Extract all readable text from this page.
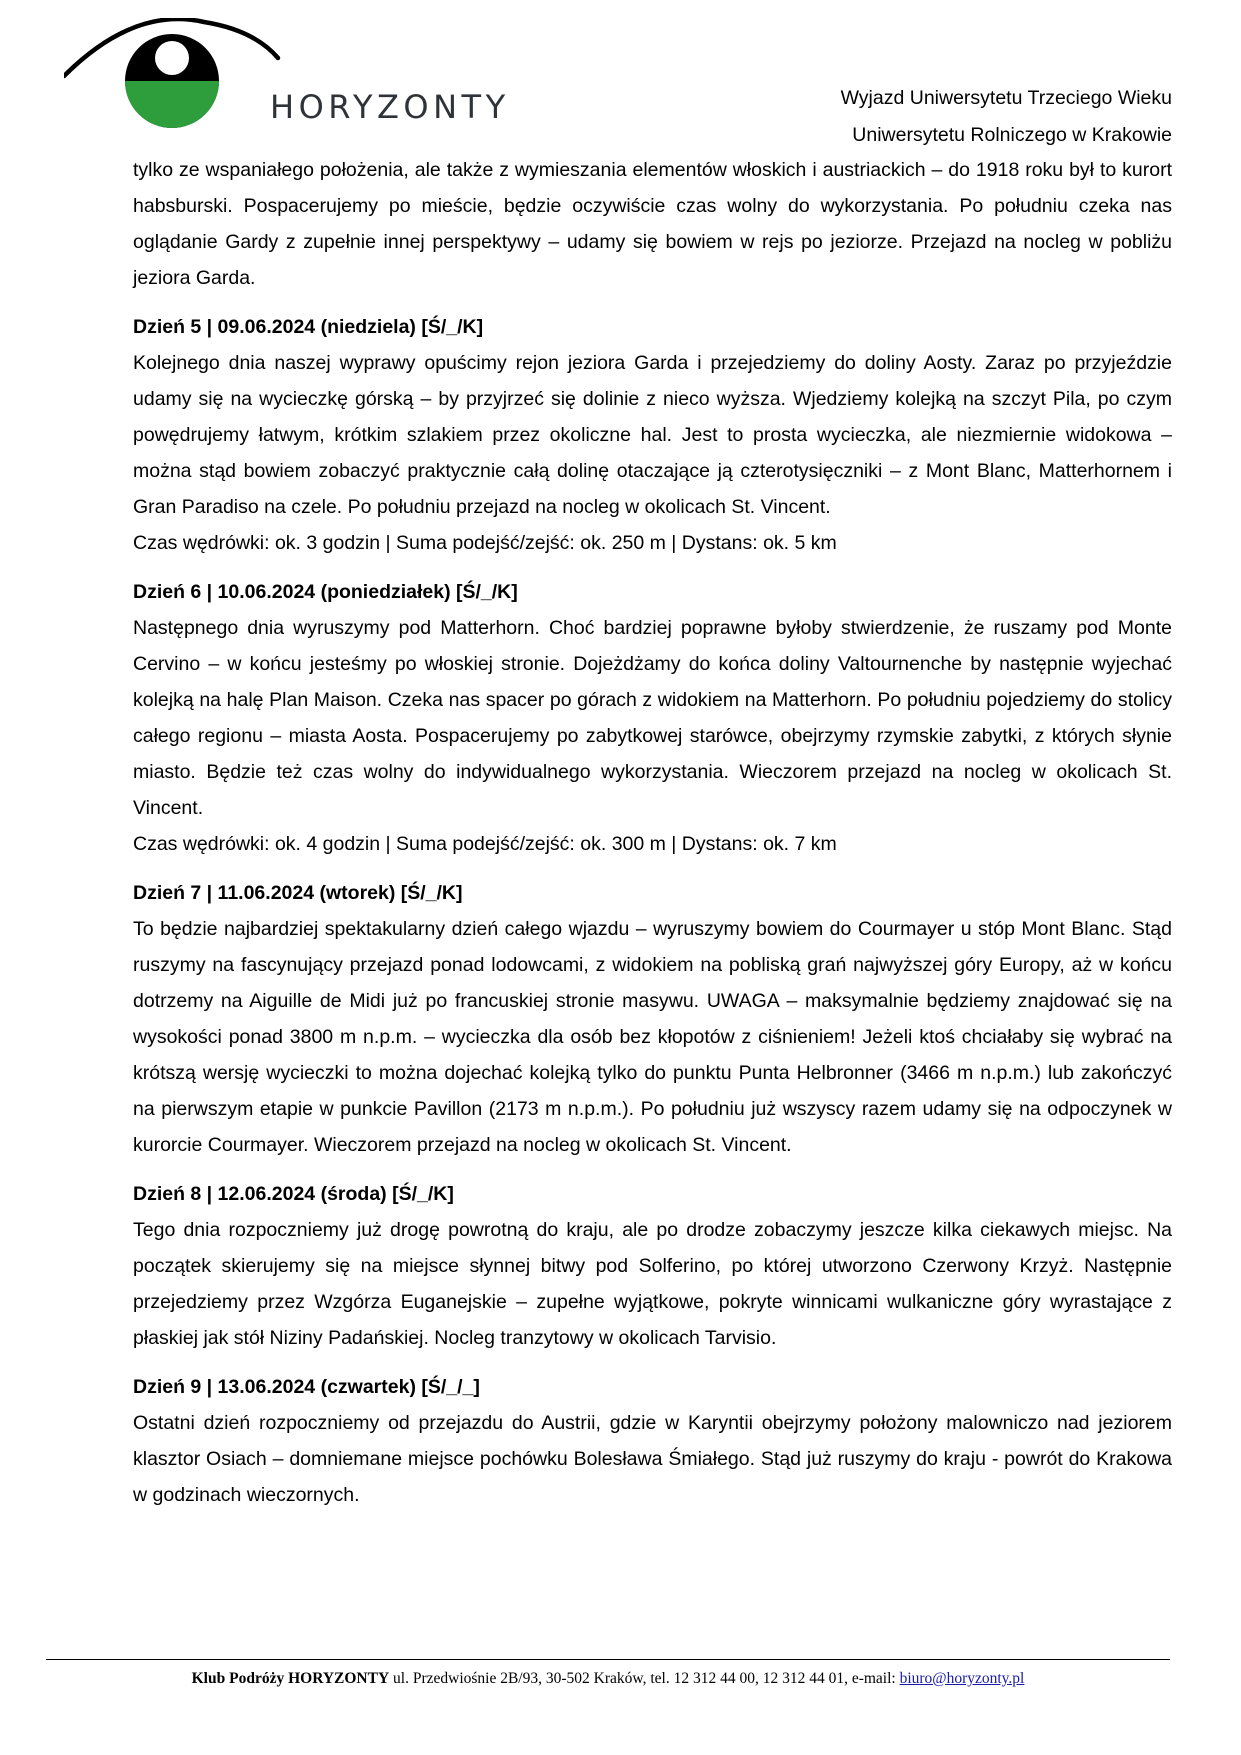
HORYZONTY	Wyjazd Uniwersytetu Trzeciego Wieku
Uniwersytetu Rolniczego w Krakowie

tylko ze wspaniałego położenia, ale także z wymieszania elementów włoskich i austriackich – do 1918 roku był to kurort habsburski. Pospacerujemy po mieście, będzie oczywiście czas wolny do wykorzystania. Po południu czeka nas oglądanie Gardy z zupełnie innej perspektywy – udamy się bowiem w rejs po jeziorze. Przejazd na nocleg w pobliżu jeziora Garda.

Dzień 5 | 09.06.2024 (niedziela) [Ś/_/K]

Kolejnego dnia naszej wyprawy opuścimy rejon jeziora Garda i przejedziemy do doliny Aosty. Zaraz po przyjeździe udamy się na wycieczkę górską – by przyjrzeć się dolinie z nieco wyższa. Wjedziemy kolejką na szczyt Pila, po czym powędrujemy łatwym, krótkim szlakiem przez okoliczne hal. Jest to prosta wycieczka, ale niezmiernie widokowa – można stąd bowiem zobaczyć praktycznie całą dolinę otaczające ją czterotysięczniki – z Mont Blanc, Matterhornem i Gran Paradiso na czele. Po południu przejazd na nocleg w okolicach St. Vincent.

Czas wędrówki: ok. 3 godzin | Suma podejść/zejść: ok. 250 m | Dystans: ok. 5 km

Dzień 6 | 10.06.2024 (poniedziałek) [Ś/_/K]

Następnego dnia wyruszymy pod Matterhorn. Choć bardziej poprawne byłoby stwierdzenie, że ruszamy pod Monte Cervino – w końcu jesteśmy po włoskiej stronie. Dojeżdżamy do końca doliny Valtournenche by następnie wyjechać kolejką na halę Plan Maison. Czeka nas spacer po górach z widokiem na Matterhorn. Po południu pojedziemy do stolicy całego regionu – miasta Aosta. Pospacerujemy po zabytkowej starówce, obejrzymy rzymskie zabytki, z których słynie miasto. Będzie też czas wolny do indywidualnego wykorzystania. Wieczorem przejazd na nocleg w okolicach St. Vincent.

Czas wędrówki: ok. 4 godzin | Suma podejść/zejść: ok. 300 m | Dystans: ok. 7 km

Dzień 7 | 11.06.2024 (wtorek) [Ś/_/K]

To będzie najbardziej spektakularny dzień całego wjazdu – wyruszymy bowiem do Courmayer u stóp Mont Blanc. Stąd ruszymy na fascynujący przejazd ponad lodowcami, z widokiem na pobliską grań najwyższej góry Europy, aż w końcu dotrzemy na Aiguille de Midi już po francuskiej stronie masywu. UWAGA – maksymalnie będziemy znajdować się na wysokości ponad 3800 m n.p.m. – wycieczka dla osób bez kłopotów z ciśnieniem! Jeżeli ktoś chciałaby się wybrać na krótszą wersję wycieczki to można dojechać kolejką tylko do punktu Punta Helbronner (3466 m n.p.m.) lub zakończyć na pierwszym etapie w punkcie Pavillon (2173 m n.p.m.). Po południu już wszyscy razem udamy się na odpoczynek w kurorcie Courmayer. Wieczorem przejazd na nocleg w okolicach St. Vincent.

Dzień 8 | 12.06.2024 (środa) [Ś/_/K]

Tego dnia rozpoczniemy już drogę powrotną do kraju, ale po drodze zobaczymy jeszcze kilka ciekawych miejsc. Na początek skierujemy się na miejsce słynnej bitwy pod Solferino, po której utworzono Czerwony Krzyż. Następnie przejedziemy przez Wzgórza Euganejskie – zupełne wyjątkowe, pokryte winnicami wulkaniczne góry wyrastające z płaskiej jak stół Niziny Padańskiej. Nocleg tranzytowy w okolicach Tarvisio.

Dzień 9 | 13.06.2024 (czwartek) [Ś/_/_]

Ostatni dzień rozpoczniemy od przejazdu do Austrii, gdzie w Karyntii obejrzymy położony malowniczo nad jeziorem klasztor Osiach – domniemane miejsce pochówku Bolesława Śmiałego. Stąd już ruszymy do kraju - powrót do Krakowa w godzinach wieczornych.

Klub Podróży HORYZONTY ul. Przedwiośnie 2B/93, 30-502 Kraków, tel. 12 312 44 00, 12 312 44 01, e-mail: biuro@horyzonty.pl
